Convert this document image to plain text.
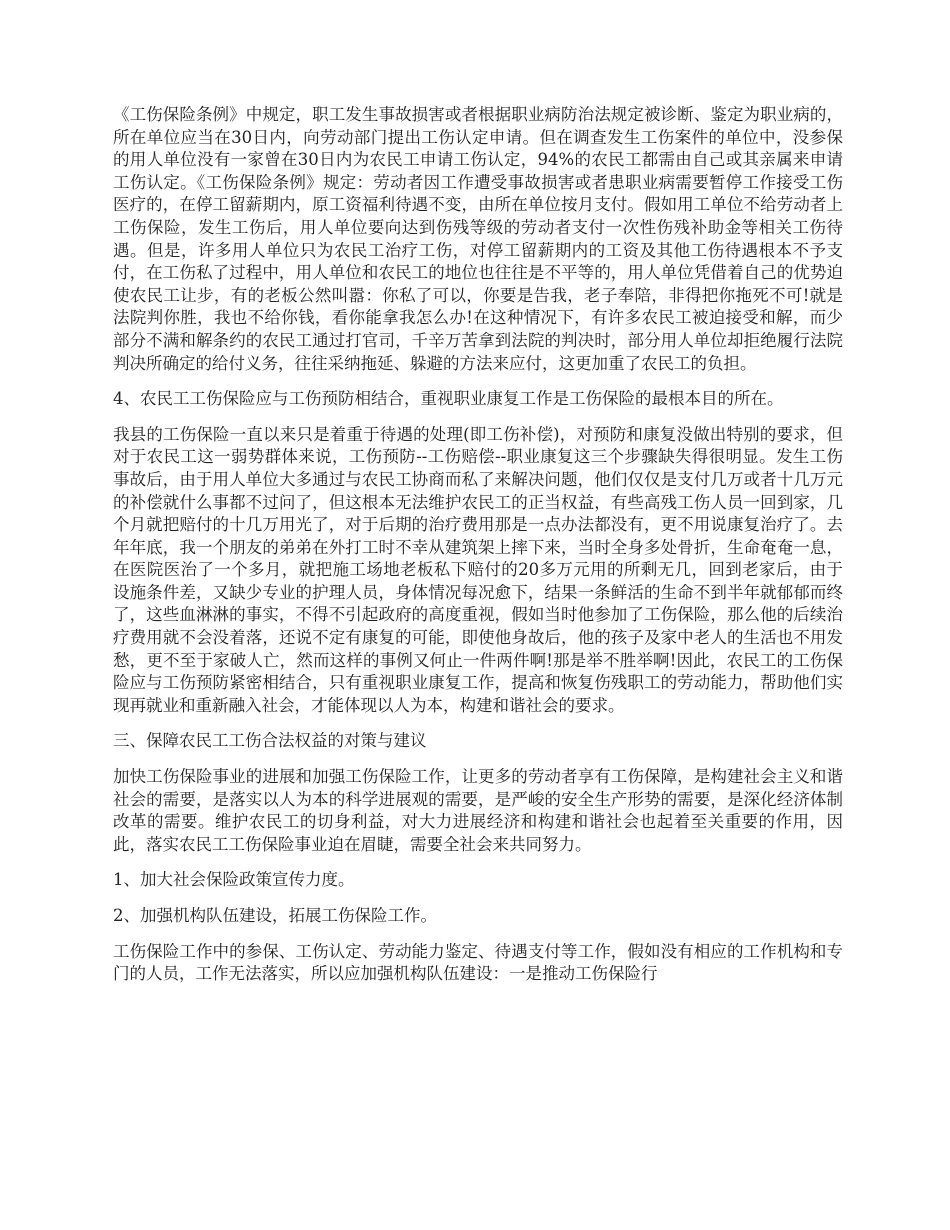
《工伤保险条例》中规定，职工发生事故损害或者根据职业病防治法规定被诊断、鉴定为职业病的，所在单位应当在30日内，向劳动部门提出工伤认定申请。但在调查发生工伤案件的单位中，没参保的用人单位没有一家曾在30日内为农民工申请工伤认定，94%的农民工都需由自己或其亲属来申请工伤认定。《工伤保险条例》规定：劳动者因工作遭受事故损害或者患职业病需要暂停工作接受工伤医疗的，在停工留薪期内，原工资福利待遇不变，由所在单位按月支付。假如用工单位不给劳动者上工伤保险，发生工伤后，用人单位要向达到伤残等级的劳动者支付一次性伤残补助金等相关工伤待遇。但是，许多用人单位只为农民工治疗工伤，对停工留薪期内的工资及其他工伤待遇根本不予支付，在工伤私了过程中，用人单位和农民工的地位也往往是不平等的，用人单位凭借着自己的优势迫使农民工让步，有的老板公然叫嚣：你私了可以，你要是告我，老子奉陪，非得把你拖死不可!就是法院判你胜，我也不给你钱，看你能拿我怎么办!在这种情况下，有许多农民工被迫接受和解，而少部分不满和解条约的农民工通过打官司，千辛万苦拿到法院的判决时，部分用人单位却拒绝履行法院判决所确定的给付义务，往往采纳拖延、躲避的方法来应付，这更加重了农民工的负担。

4、农民工工伤保险应与工伤预防相结合，重视职业康复工作是工伤保险的最根本目的所在。

我县的工伤保险一直以来只是着重于待遇的处理(即工伤补偿)，对预防和康复没做出特别的要求，但对于农民工这一弱势群体来说，工伤预防--工伤赔偿--职业康复这三个步骤缺失得很明显。发生工伤事故后，由于用人单位大多通过与农民工协商而私了来解决问题，他们仅仅是支付几万或者十几万元的补偿就什么事都不过问了，但这根本无法维护农民工的正当权益，有些高残工伤人员一回到家，几个月就把赔付的十几万用光了，对于后期的治疗费用那是一点办法都没有，更不用说康复治疗了。去年年底，我一个朋友的弟弟在外打工时不幸从建筑架上摔下来，当时全身多处骨折，生命奄奄一息，在医院医治了一个多月，就把施工场地老板私下赔付的20多万元用的所剩无几，回到老家后，由于设施条件差，又缺少专业的护理人员，身体情况每况愈下，结果一条鲜活的生命不到半年就郁郁而终了，这些血淋淋的事实，不得不引起政府的高度重视，假如当时他参加了工伤保险，那么他的后续治疗费用就不会没着落，还说不定有康复的可能，即使他身故后，他的孩子及家中老人的生活也不用发愁，更不至于家破人亡，然而这样的事例又何止一件两件啊!那是举不胜举啊!因此，农民工的工伤保险应与工伤预防紧密相结合，只有重视职业康复工作，提高和恢复伤残职工的劳动能力，帮助他们实现再就业和重新融入社会，才能体现以人为本，构建和谐社会的要求。

三、保障农民工工伤合法权益的对策与建议

加快工伤保险事业的进展和加强工伤保险工作，让更多的劳动者享有工伤保障，是构建社会主义和谐社会的需要，是落实以人为本的科学进展观的需要，是严峻的安全生产形势的需要，是深化经济体制改革的需要。维护农民工的切身利益，对大力进展经济和构建和谐社会也起着至关重要的作用，因此，落实农民工工伤保险事业迫在眉睫，需要全社会来共同努力。

1、加大社会保险政策宣传力度。

2、加强机构队伍建设，拓展工伤保险工作。

工伤保险工作中的参保、工伤认定、劳动能力鉴定、待遇支付等工作，假如没有相应的工作机构和专门的人员，工作无法落实，所以应加强机构队伍建设：一是推动工伤保险行
